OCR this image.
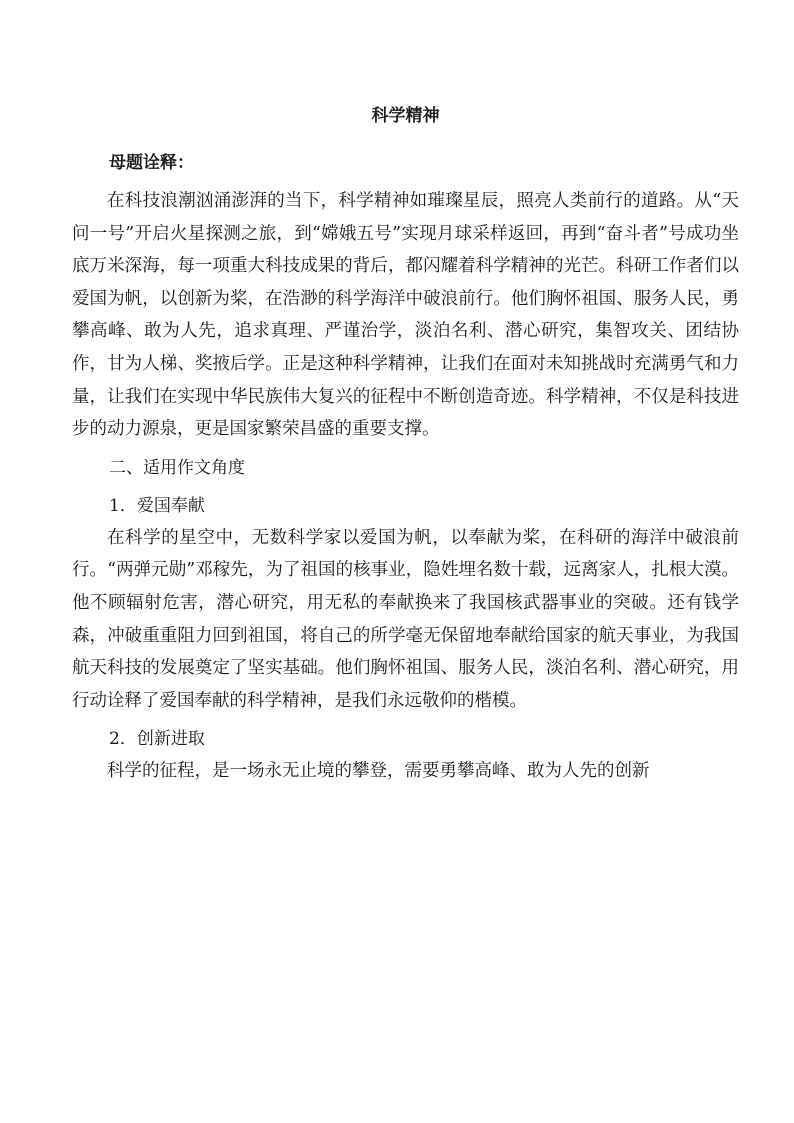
科学精神
母题诠释：

在科技浪潮汹涌澎湃的当下，科学精神如璀璨星辰，照亮人类前行的道路。从“天问一号”开启火星探测之旅，到“嫦娥五号”实现月球采样返回，再到“奋斗者”号成功坐底万米深海，每一项重大科技成果的背后，都闪耀着科学精神的光芒。科研工作者们以爱国为帆，以创新为桨，在浩渺的科学海洋中破浪前行。他们胸怀祖国、服务人民，勇攀高峰、敢为人先，追求真理、严谨治学，淡泊名利、潜心研究，集智攻关、团结协作，甘为人梯、奖掖后学。正是这种科学精神，让我们在面对未知挑战时充满勇气和力量，让我们在实现中华民族伟大复兴的征程中不断创造奇迹。科学精神，不仅是科技进步的动力源泉，更是国家繁荣昌盛的重要支撑。

二、适用作文角度
1．爱国奉献

在科学的星空中，无数科学家以爱国为帆，以奉献为桨，在科研的海洋中破浪前行。“两弹元勋”邓稼先，为了祖国的核事业，隐姓埋名数十载，远离家人，扎根大漠。他不顾辐射危害，潜心研究，用无私的奉献换来了我国核武器事业的突破。还有钱学森，冲破重重阻力回到祖国，将自己的所学毫无保留地奉献给国家的航天事业，为我国航天科技的发展奠定了坚实基础。他们胸怀祖国、服务人民，淡泊名利、潜心研究，用行动诠释了爱国奉献的科学精神，是我们永远敬仰的楷模。

2．创新进取

科学的征程，是一场永无止境的攀登，需要勇攀高峰、敢为人先的创新
